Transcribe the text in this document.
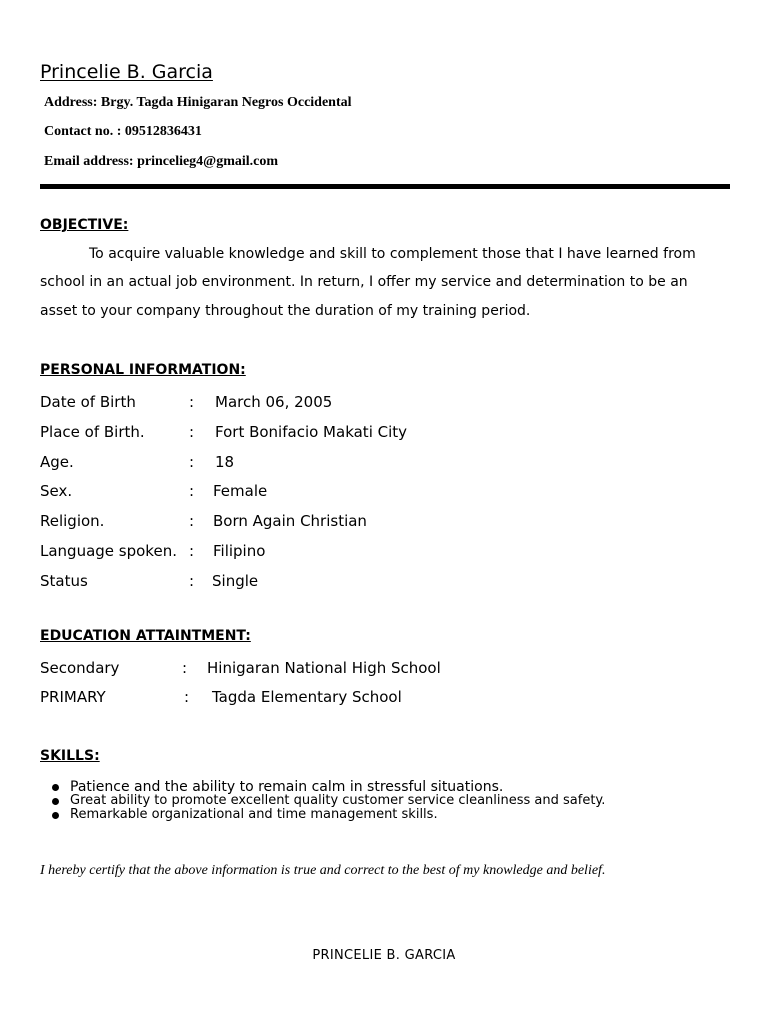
Princelie B. Garcia
Address: Brgy. Tagda Hinigaran Negros Occidental
Contact no. : 09512836431
Email address: princelieg4@gmail.com
OBJECTIVE:
To acquire valuable knowledge and skill to complement those that I have learned from
school in an actual job environment. In return, I offer my service and determination to be an
asset to your company throughout the duration of my training period.
PERSONAL INFORMATION:
Date of Birth	: March 06, 2005
Place of Birth.	: Fort Bonifacio Makati City
Age.	: 18
Sex.	: Female
Religion.	: Born Again Christian
Language spoken. : Filipino
Status	: Single
EDUCATION ATTAINTMENT:
Secondary	: Hinigaran National High School
PRIMARY	: Tagda Elementary School
SKILLS:
Patience and the ability to remain calm in stressful situations.
Great ability to promote excellent quality customer service cleanliness and safety.
Remarkable organizational and time management skills.
I hereby certify that the above information is true and correct to the best of my knowledge and belief.
PRINCELIE B. GARCIA
